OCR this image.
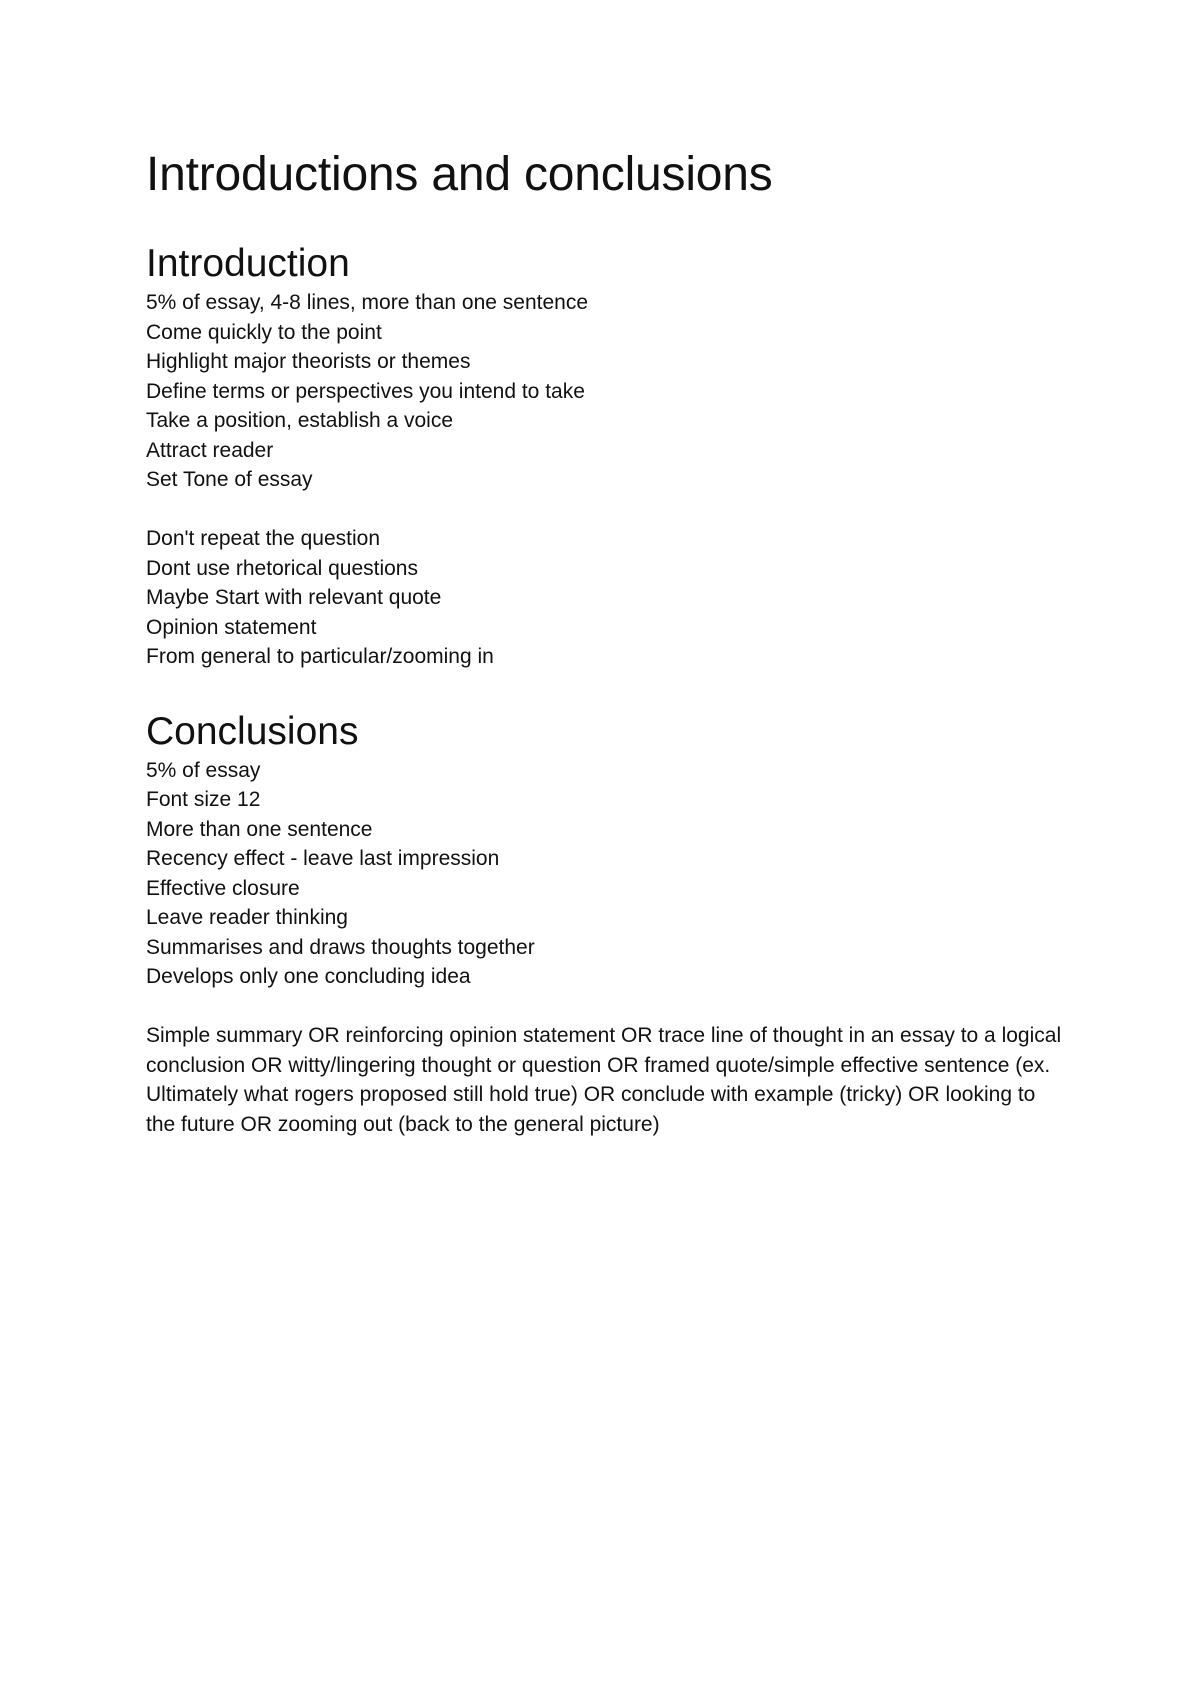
Introductions and conclusions
Introduction
5% of essay, 4-8 lines, more than one sentence
Come quickly to the point
Highlight major theorists or themes
Define terms or perspectives you intend to take
Take a position, establish a voice
Attract reader
Set Tone of essay
Don't repeat the question
Dont use rhetorical questions
Maybe Start with relevant quote
Opinion statement
From general to particular/zooming in
Conclusions
5% of essay
Font size 12
More than one sentence
Recency effect - leave last impression
Effective closure
Leave reader thinking
Summarises and draws thoughts together
Develops only one concluding idea

Simple summary OR reinforcing opinion statement OR trace line of thought in an essay to a logical conclusion OR witty/lingering thought or question OR framed quote/simple effective sentence (ex. Ultimately what rogers proposed still hold true) OR conclude with example (tricky) OR looking to the future OR zooming out (back to the general picture)
